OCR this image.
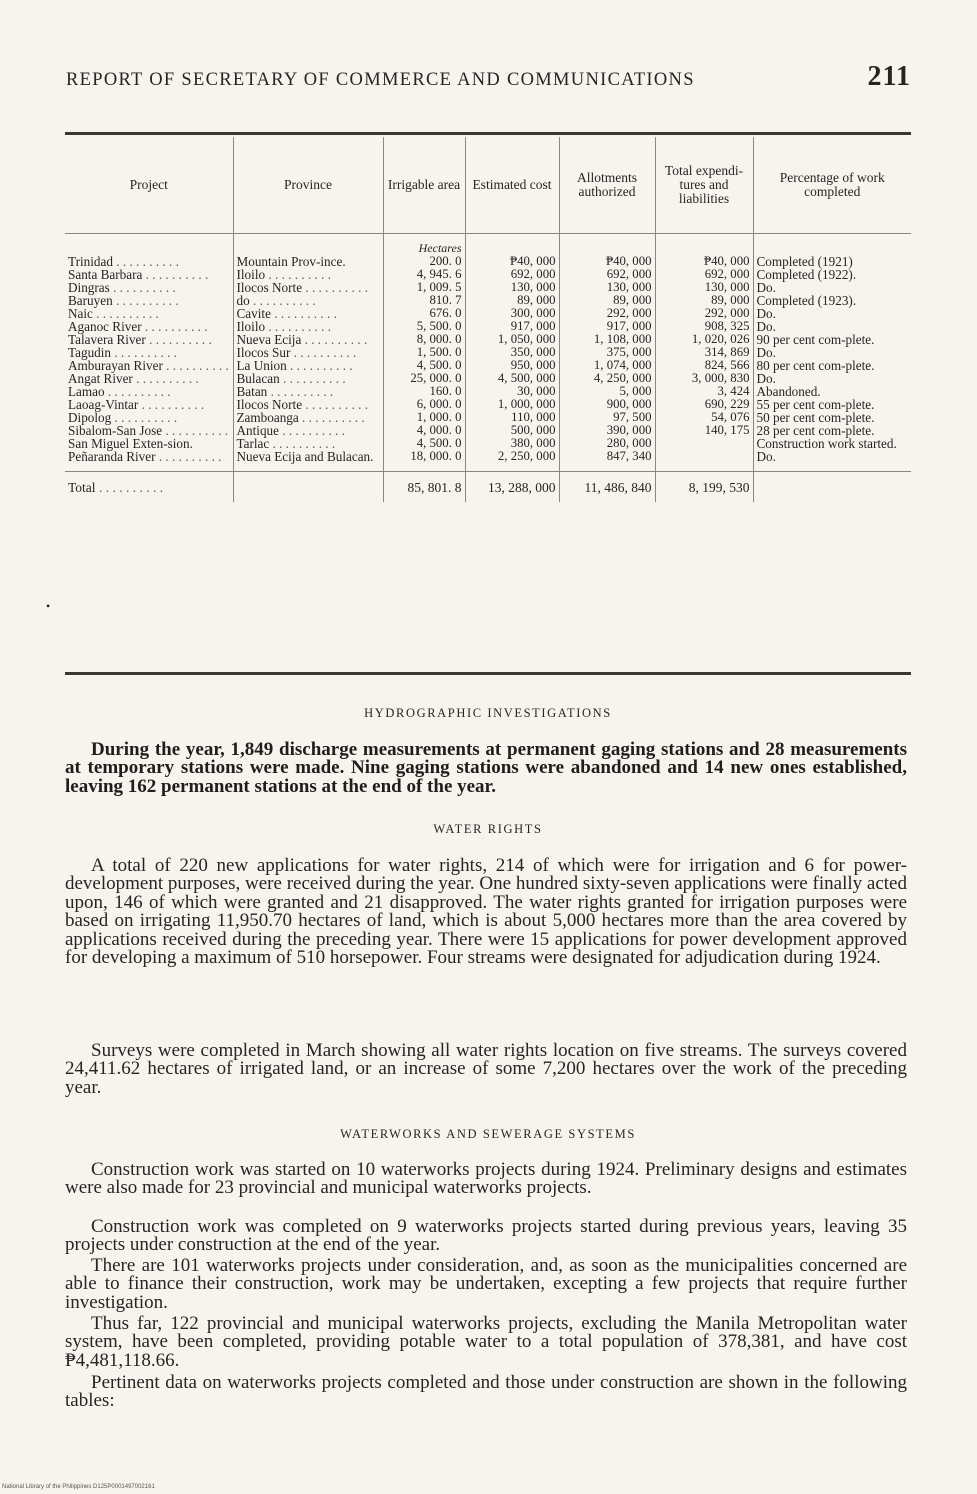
REPORT OF SECRETARY OF COMMERCE AND COMMUNICATIONS	211
Project	Province	Irrigable area	Estimated cost	Allotments authorized	Total expendi-tures and liabilities	Percentage of work completed

		Hectares				
Trinidad . . .	Mountain Prov-ince.	200. 0	₱40, 000	₱40, 000	₱40, 000	Completed (1921)
Santa Barbara . . .	Iloilo . . .	4, 945. 6	692, 000	692, 000	692, 000	Completed (1922).
Dingras . . .	Ilocos Norte . . .	1, 009. 5	130, 000	130, 000	130, 000	Do.
Baruyen . . .	do . . .	810. 7	89, 000	89, 000	89, 000	Completed (1923).
Naic . . .	Cavite . . .	676. 0	300, 000	292, 000	292, 000	Do.
Aganoc River . . .	Iloilo . . .	5, 500. 0	917, 000	917, 000	908, 325	Do.
Talavera River . . .	Nueva Ecija . . .	8, 000. 0	1, 050, 000	1, 108, 000	1, 020, 026	90 per cent com-plete.
Tagudin . . .	Ilocos Sur . . .	1, 500. 0	350, 000	375, 000	314, 869	Do.
Amburayan River . . .	La Union . . .	4, 500. 0	950, 000	1, 074, 000	824, 566	80 per cent com-plete.
Angat River . . .	Bulacan . . .	25, 000. 0	4, 500, 000	4, 250, 000	3, 000, 830	Do.
Lamao . . .	Batan . . .	160. 0	30, 000	5, 000	3, 424	Abandoned.
Laoag-Vintar . . .	Ilocos Norte . . .	6, 000. 0	1, 000, 000	900, 000	690, 229	55 per cent com-plete.
Dipolog . . .	Zamboanga . . .	1, 000. 0	110, 000	97, 500	54, 076	50 per cent com-plete.
Sibalom-San Jose . . .	Antique . . .	4, 000. 0	500, 000	390, 000	140, 175	28 per cent com-plete.
San Miguel Exten-sion.	Tarlac . . .	4, 500. 0	380, 000	280, 000		Construction work started.
Peñaranda River . . .	Nueva Ecija and Bulacan.	18, 000. 0	2, 250, 000	847, 340		Do.

Total . . .		85, 801. 8	13, 288, 000	11, 486, 840	8, 199, 530	
HYDROGRAPHIC INVESTIGATIONS
During the year, 1,849 discharge measurements at permanent gaging stations and 28 measurements at temporary stations were made. Nine gaging stations were abandoned and 14 new ones established, leaving 162 permanent stations at the end of the year.
WATER RIGHTS
A total of 220 new applications for water rights, 214 of which were for irrigation and 6 for power-development purposes, were received during the year. One hundred sixty-seven applications were finally acted upon, 146 of which were granted and 21 disapproved. The water rights granted for irrigation purposes were based on irrigating 11,950.70 hectares of land, which is about 5,000 hectares more than the area covered by applications received during the preceding year. There were 15 applications for power development approved for developing a maximum of 510 horsepower. Four streams were designated for adjudication during 1924.
Surveys were completed in March showing all water rights location on five streams. The surveys covered 24,411.62 hectares of irrigated land, or an increase of some 7,200 hectares over the work of the preceding year.
WATERWORKS AND SEWERAGE SYSTEMS
Construction work was started on 10 waterworks projects during 1924. Preliminary designs and estimates were also made for 23 provincial and municipal waterworks projects.
Construction work was completed on 9 waterworks projects started during previous years, leaving 35 projects under construction at the end of the year.
There are 101 waterworks projects under consideration, and, as soon as the municipalities concerned are able to finance their construction, work may be undertaken, excepting a few projects that require further investigation.
Thus far, 122 provincial and municipal waterworks projects, excluding the Manila Metropolitan water system, have been completed, providing potable water to a total population of 378,381, and have cost ₱4,481,118.66.
Pertinent data on waterworks projects completed and those under construction are shown in the following tables:
•
National Library of the Philippines D125P0001497002161
